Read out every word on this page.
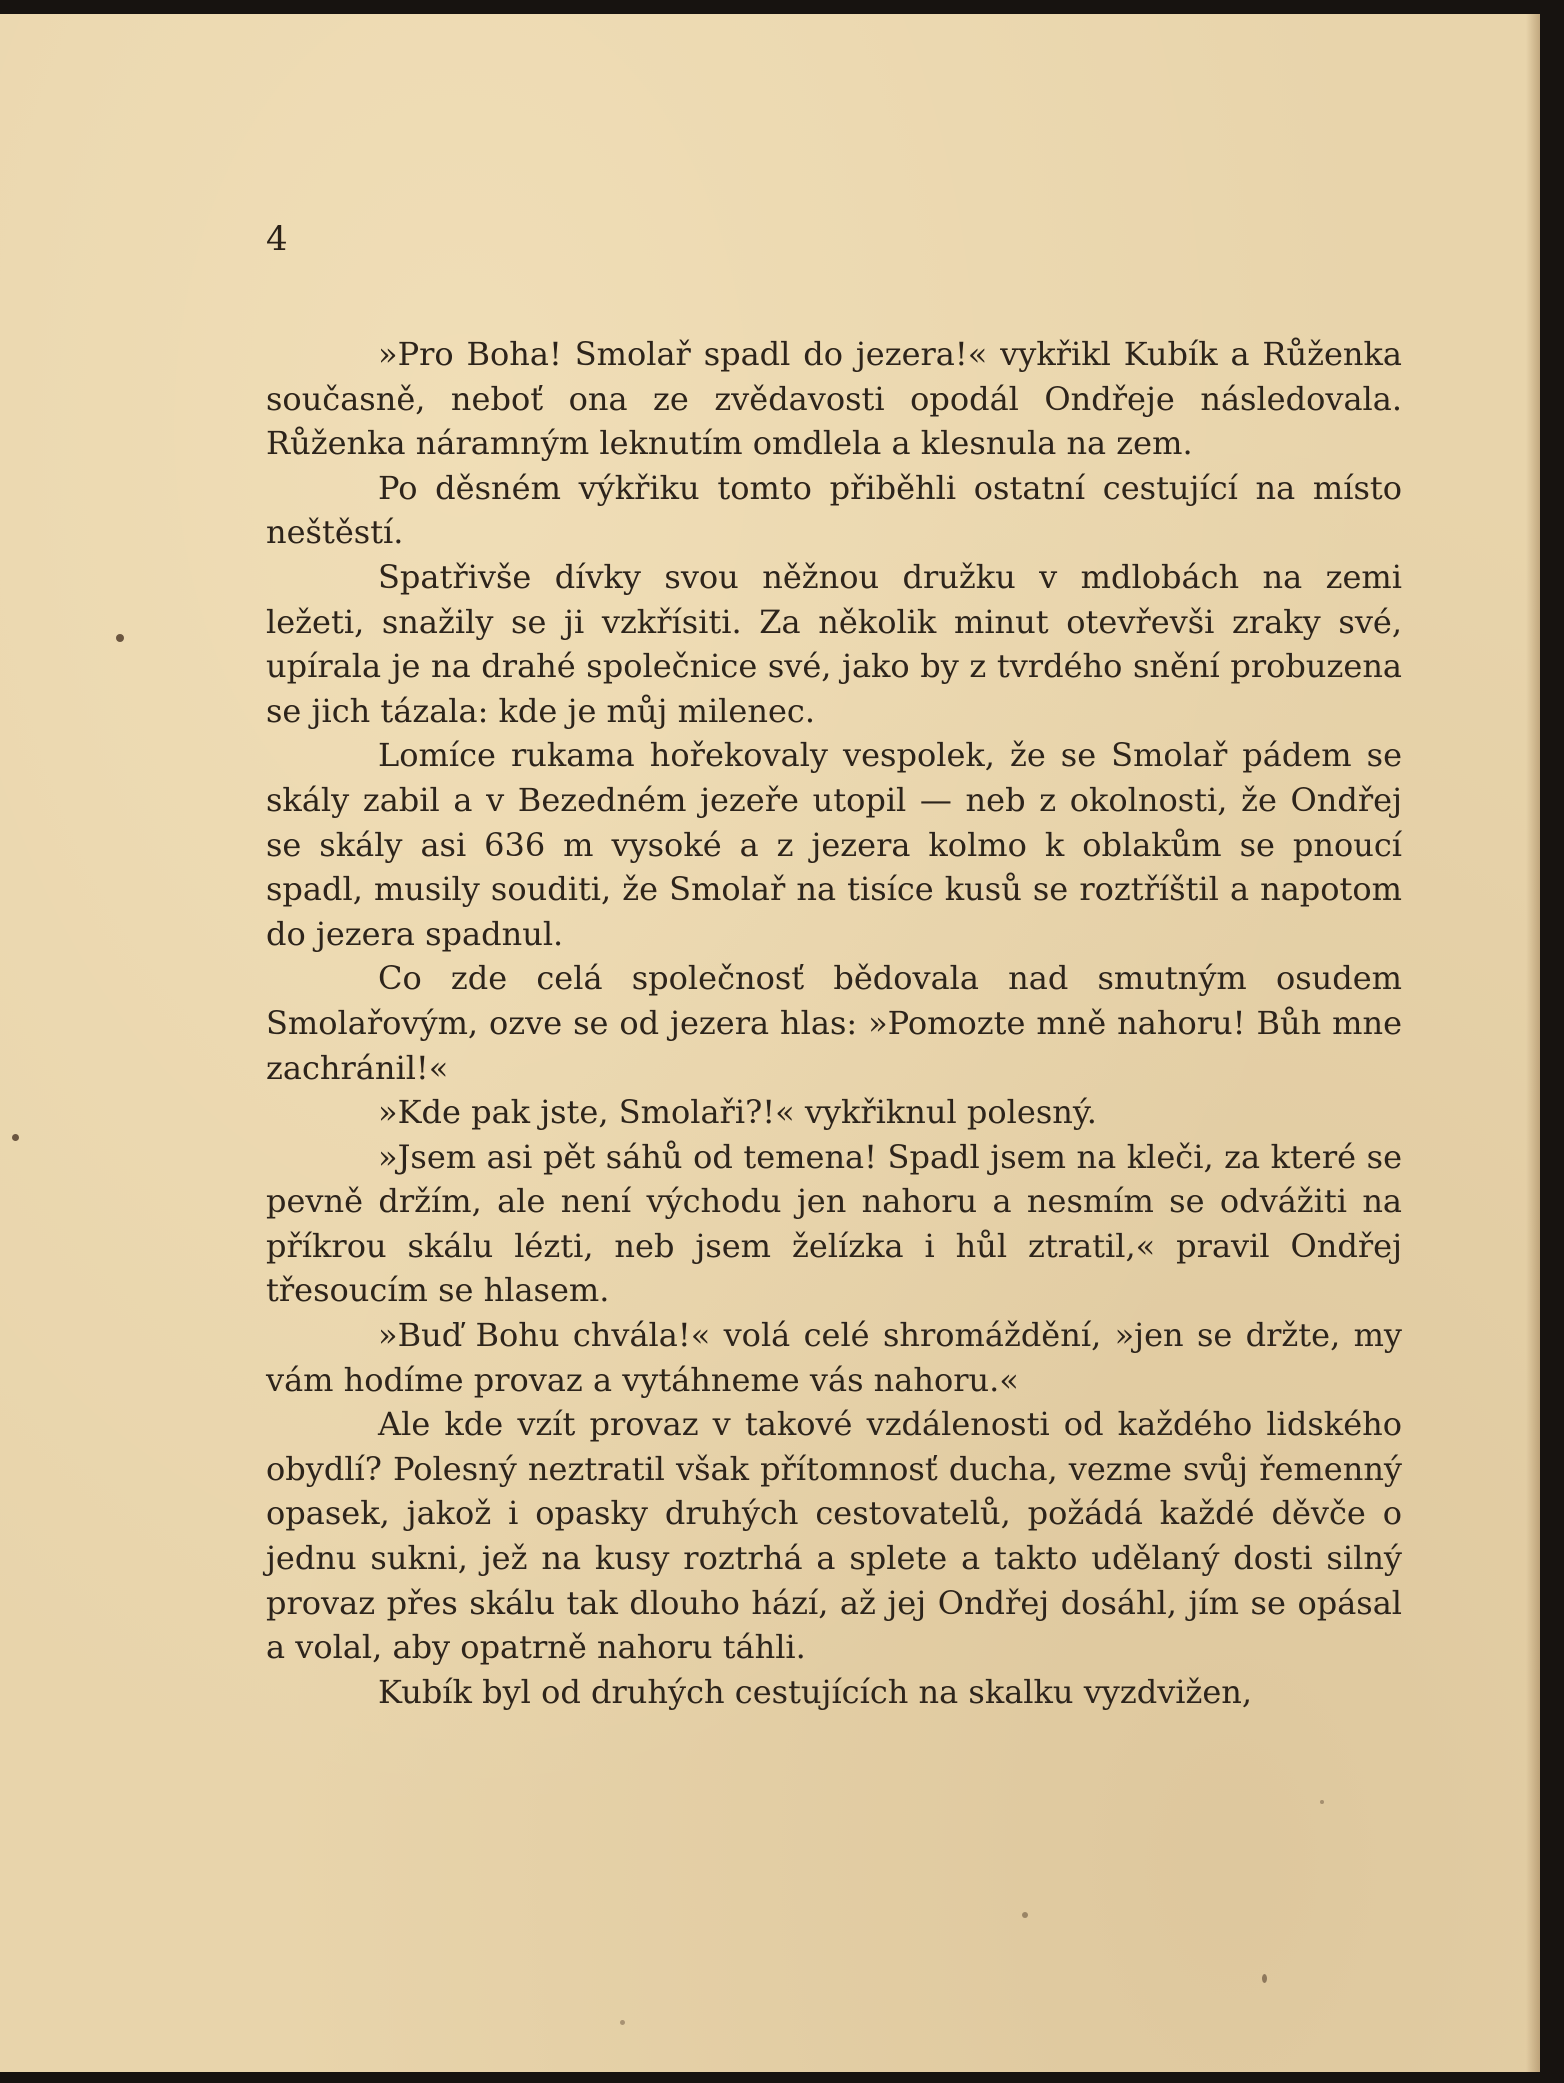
4

»Pro Boha! Smolař spadl do jezera!« vykřikl Kubík a Růženka současně, neboť ona ze zvědavosti opodál Ondřeje následovala. Růženka náramným leknutím omdlela a klesnula na zem.

Po děsném výkřiku tomto přiběhli ostatní cestující na místo neštěstí.

Spatřivše dívky svou něžnou družku v mdlobách na zemi ležeti, snažily se ji vzkřísiti. Za několik minut otevřevši zraky své, upírala je na drahé společnice své, jako by z tvrdého snění probuzena se jich tázala: kde je můj milenec.

Lomíce rukama hořekovaly vespolek, že se Smolař pádem se skály zabil a v Bezedném jezeře utopil — neb z okolnosti, že Ondřej se skály asi 636 m vysoké a z jezera kolmo k oblakům se pnoucí spadl, musily souditi, že Smolař na tisíce kusů se roztříštil a napotom do jezera spadnul.

Co zde celá společnosť bědovala nad smutným osudem Smolařovým, ozve se od jezera hlas: »Pomozte mně nahoru! Bůh mne zachránil!«

»Kde pak jste, Smolaři?!« vykřiknul polesný.

»Jsem asi pět sáhů od temena! Spadl jsem na kleči, za které se pevně držím, ale není východu jen nahoru a nesmím se odvážiti na příkrou skálu lézti, neb jsem želízka i hůl ztratil,« pravil Ondřej třesoucím se hlasem.

»Buď Bohu chvála!« volá celé shromáždění, »jen se držte, my vám hodíme provaz a vytáhneme vás nahoru.«

Ale kde vzít provaz v takové vzdálenosti od každého lidského obydlí? Polesný neztratil však přítomnosť ducha, vezme svůj řemenný opasek, jakož i opasky druhých cestovatelů, požádá každé děvče o jednu sukni, jež na kusy roztrhá a splete a takto udělaný dosti silný provaz přes skálu tak dlouho hází, až jej Ondřej dosáhl, jím se opásal a volal, aby opatrně nahoru táhli.

Kubík byl od druhých cestujících na skalku vyzdvižen,
